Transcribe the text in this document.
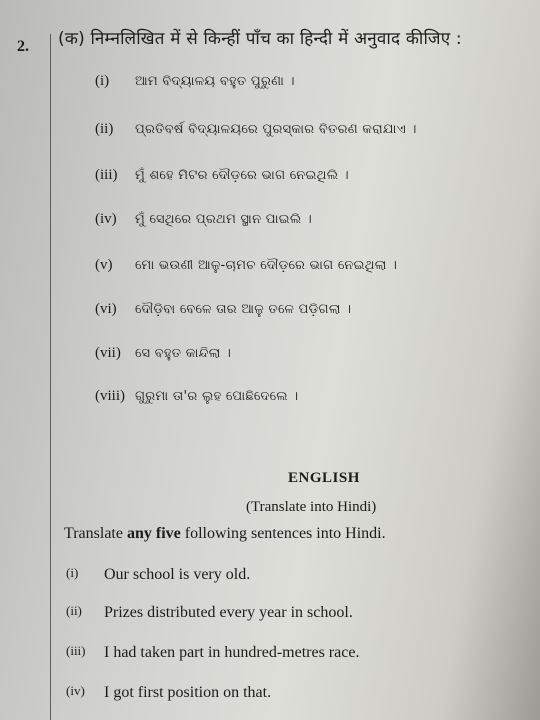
2. (क) निम्नलिखित में से किन्हीं पाँच का हिन्दी में अनुवाद कीजिए :
(i) ଆମ ବିଦ୍ୟାଳୟ ବହୁତ ପୁରୁଣା ।
(ii) ପ୍ରତିବର୍ଷ ବିଦ୍ୟାଳୟରେ ପୁରସ୍କାର ବିତରଣ କରାଯାଏ ।
(iii) ମୁଁ ଶହେ ମିଟର ଦୌଡ଼ରେ ଭାଗ ନେଇଥିଲି ।
(iv) ମୁଁ ସେଥିରେ ପ୍ରଥମ ସ୍ଥାନ ପାଇଲି ।
(v) ମୋ ଭଉଣୀ ଆଳୁ-ଚାମଚ ଦୌଡ଼ରେ ଭାଗ ନେଇଥିଲା ।
(vi) ଦୌଡ଼ିବା ବେଳେ ତାର ଆଳୁ ତଳେ ପଡ଼ିଗଲା ।
(vii) ସେ ବହୁତ କାନ୍ଦିଲା ।
(viii) ଗୁରୁମା ତା'ର ଲୁହ ପୋଛିଦେଲେ ।
ENGLISH
(Translate into Hindi)
Translate any five following sentences into Hindi.
(i) Our school is very old.
(ii) Prizes distributed every year in school.
(iii) I had taken part in hundred-metres race.
(iv) I got first position on that.
